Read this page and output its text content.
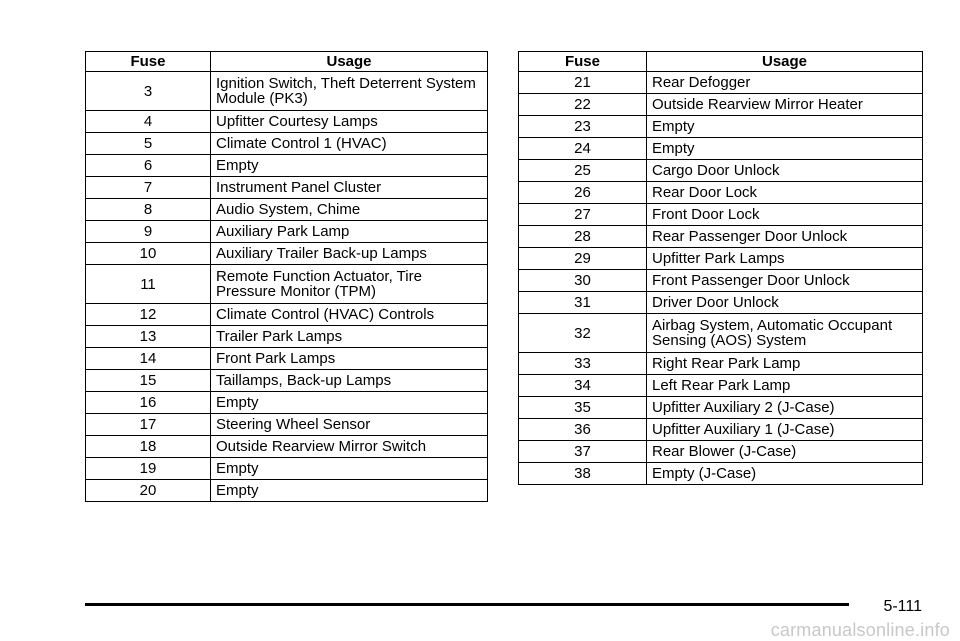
Fuse	Usage
3	Ignition Switch, Theft Deterrent System Module (PK3)
4	Upfitter Courtesy Lamps
5	Climate Control 1 (HVAC)
6	Empty
7	Instrument Panel Cluster
8	Audio System, Chime
9	Auxiliary Park Lamp
10	Auxiliary Trailer Back-up Lamps
11	Remote Function Actuator, Tire Pressure Monitor (TPM)
12	Climate Control (HVAC) Controls
13	Trailer Park Lamps
14	Front Park Lamps
15	Taillamps, Back-up Lamps
16	Empty
17	Steering Wheel Sensor
18	Outside Rearview Mirror Switch
19	Empty
20	Empty
Fuse	Usage
21	Rear Defogger
22	Outside Rearview Mirror Heater
23	Empty
24	Empty
25	Cargo Door Unlock
26	Rear Door Lock
27	Front Door Lock
28	Rear Passenger Door Unlock
29	Upfitter Park Lamps
30	Front Passenger Door Unlock
31	Driver Door Unlock
32	Airbag System, Automatic Occupant Sensing (AOS) System
33	Right Rear Park Lamp
34	Left Rear Park Lamp
35	Upfitter Auxiliary 2 (J-Case)
36	Upfitter Auxiliary 1 (J-Case)
37	Rear Blower (J-Case)
38	Empty (J-Case)
5-111
carmanualsonline.info
